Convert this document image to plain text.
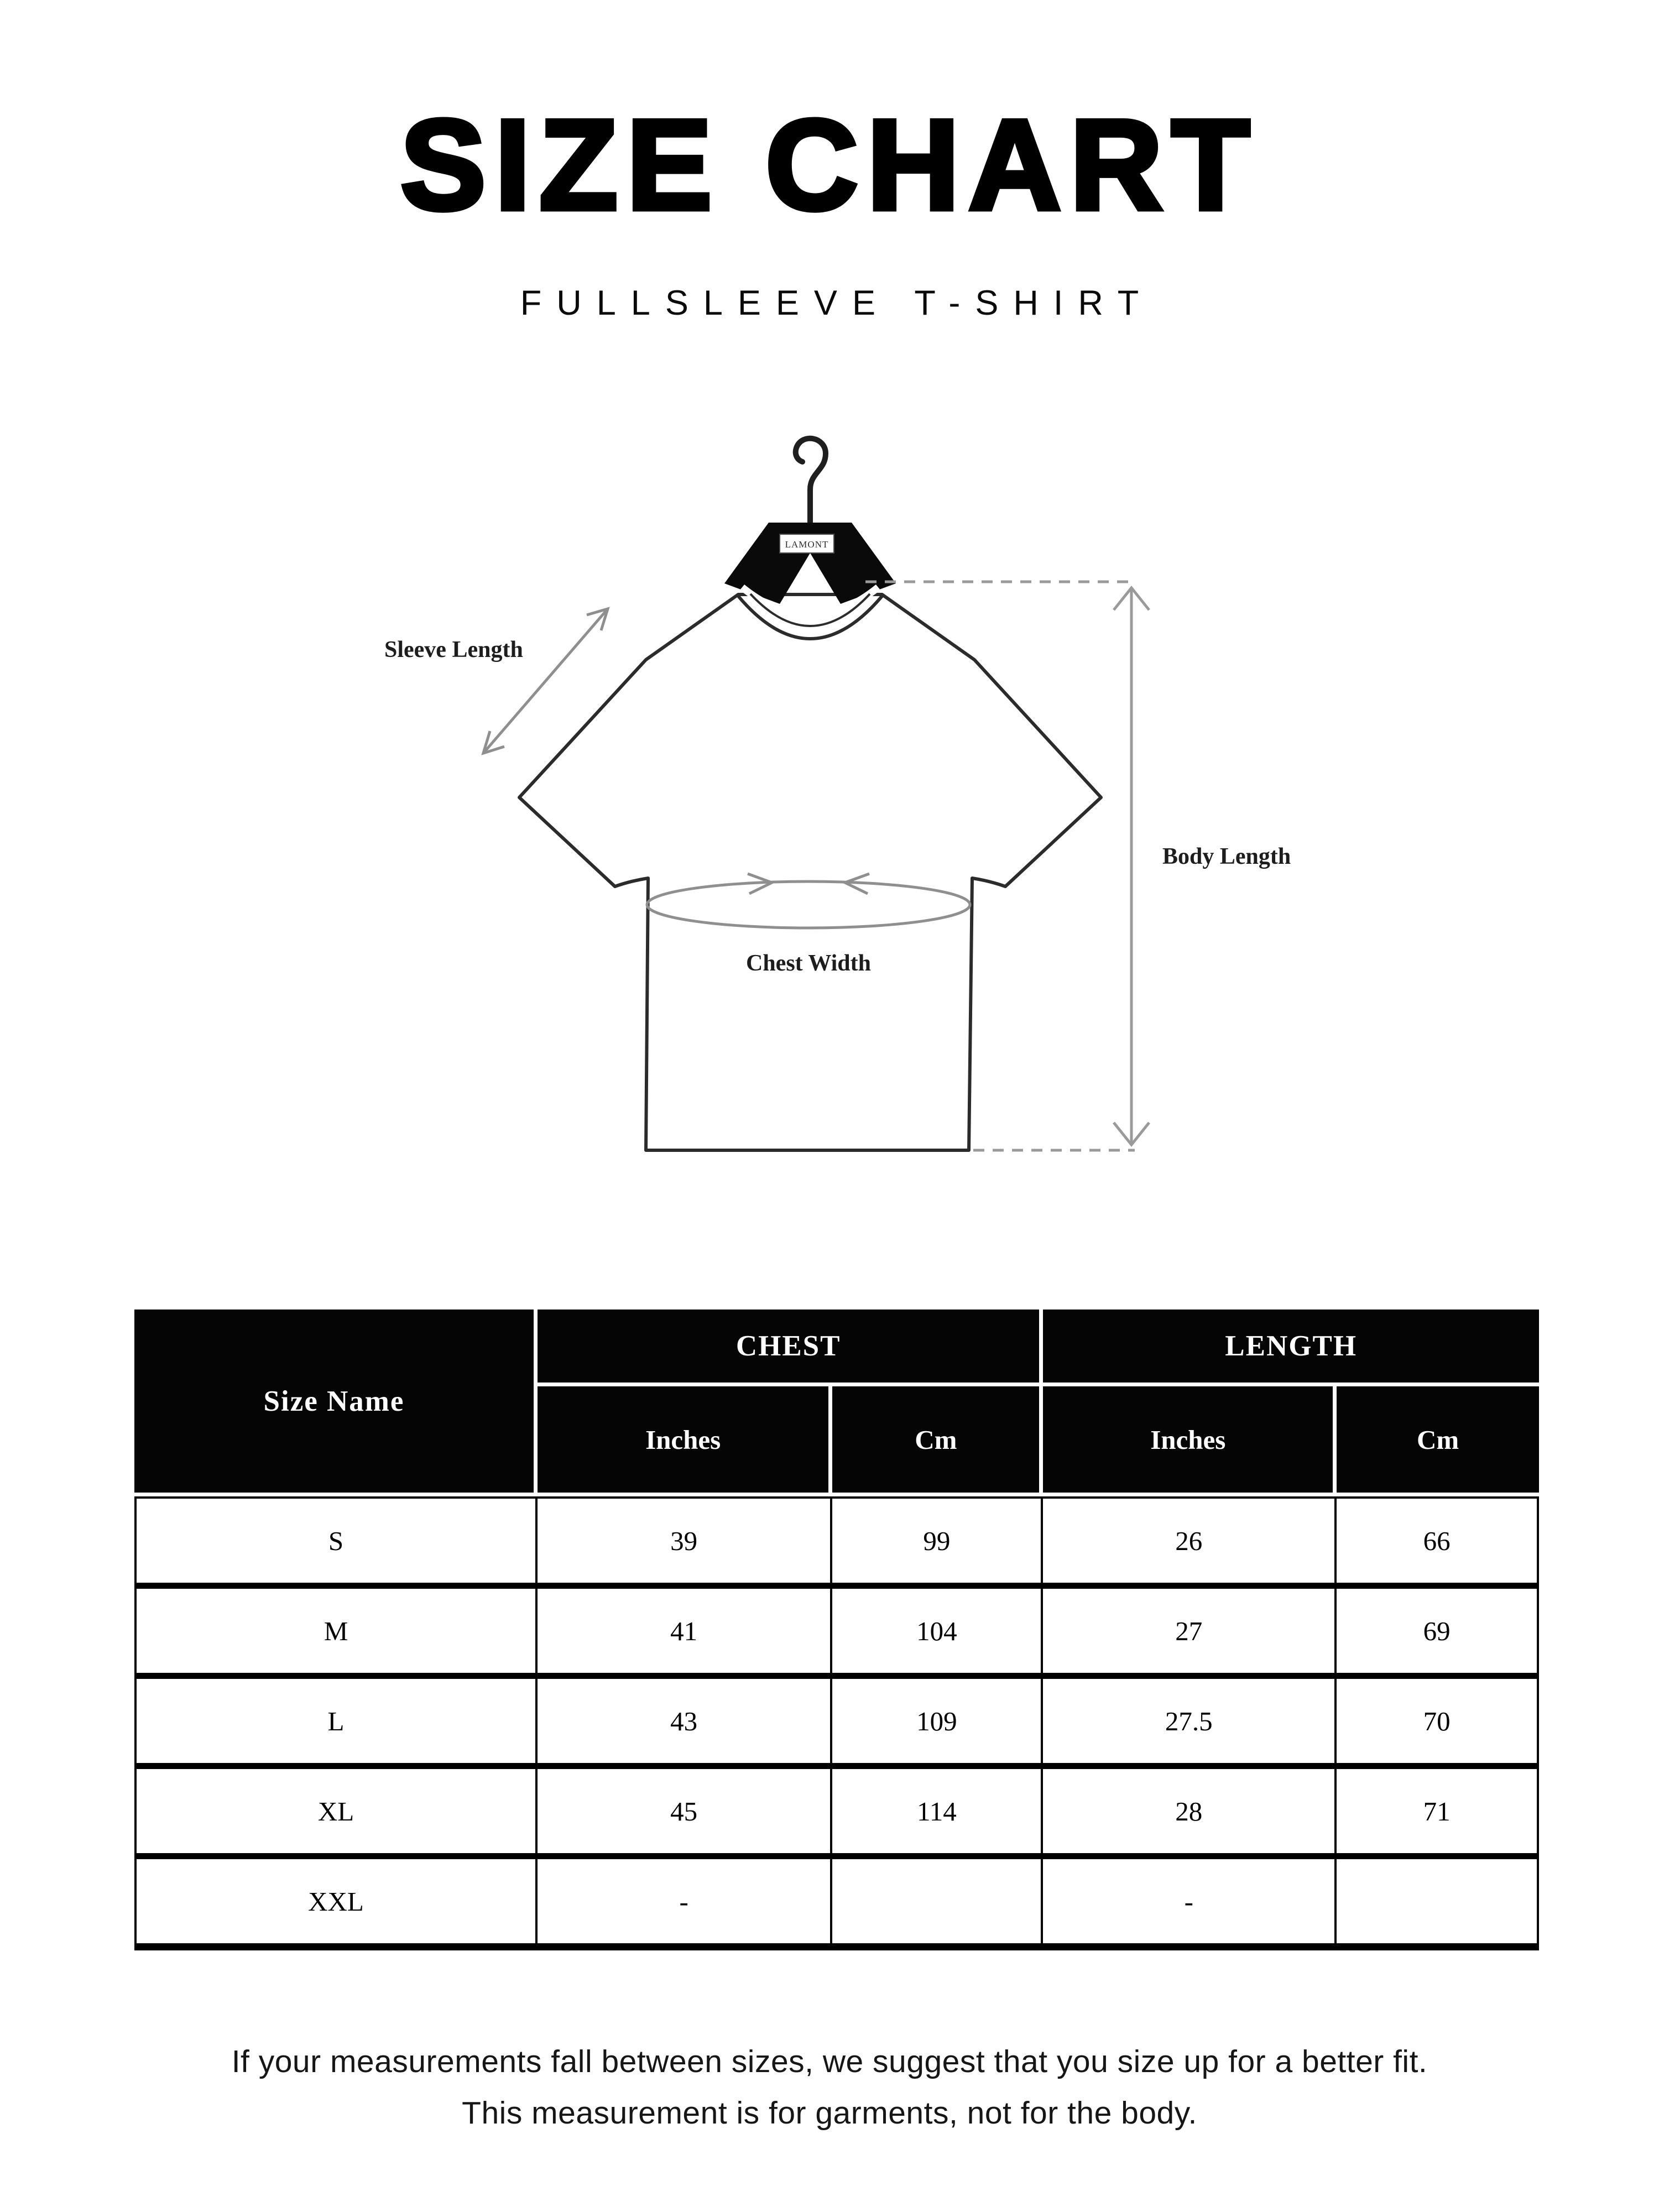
SIZE CHART
FULLSLEEVE T-SHIRT
LAMONT
Sleeve Length
Chest Width
Body Length
Size Name	CHEST		LENGTH	
	Inches	Cm	Inches	Cm
S	39	99	26	66
M	41	104	27	69
L	43	109	27.5	70
XL	45	114	28	71
XXL	-		-	
If your measurements fall between sizes, we suggest that you size up for a better fit.
This measurement is for garments, not for the body.
